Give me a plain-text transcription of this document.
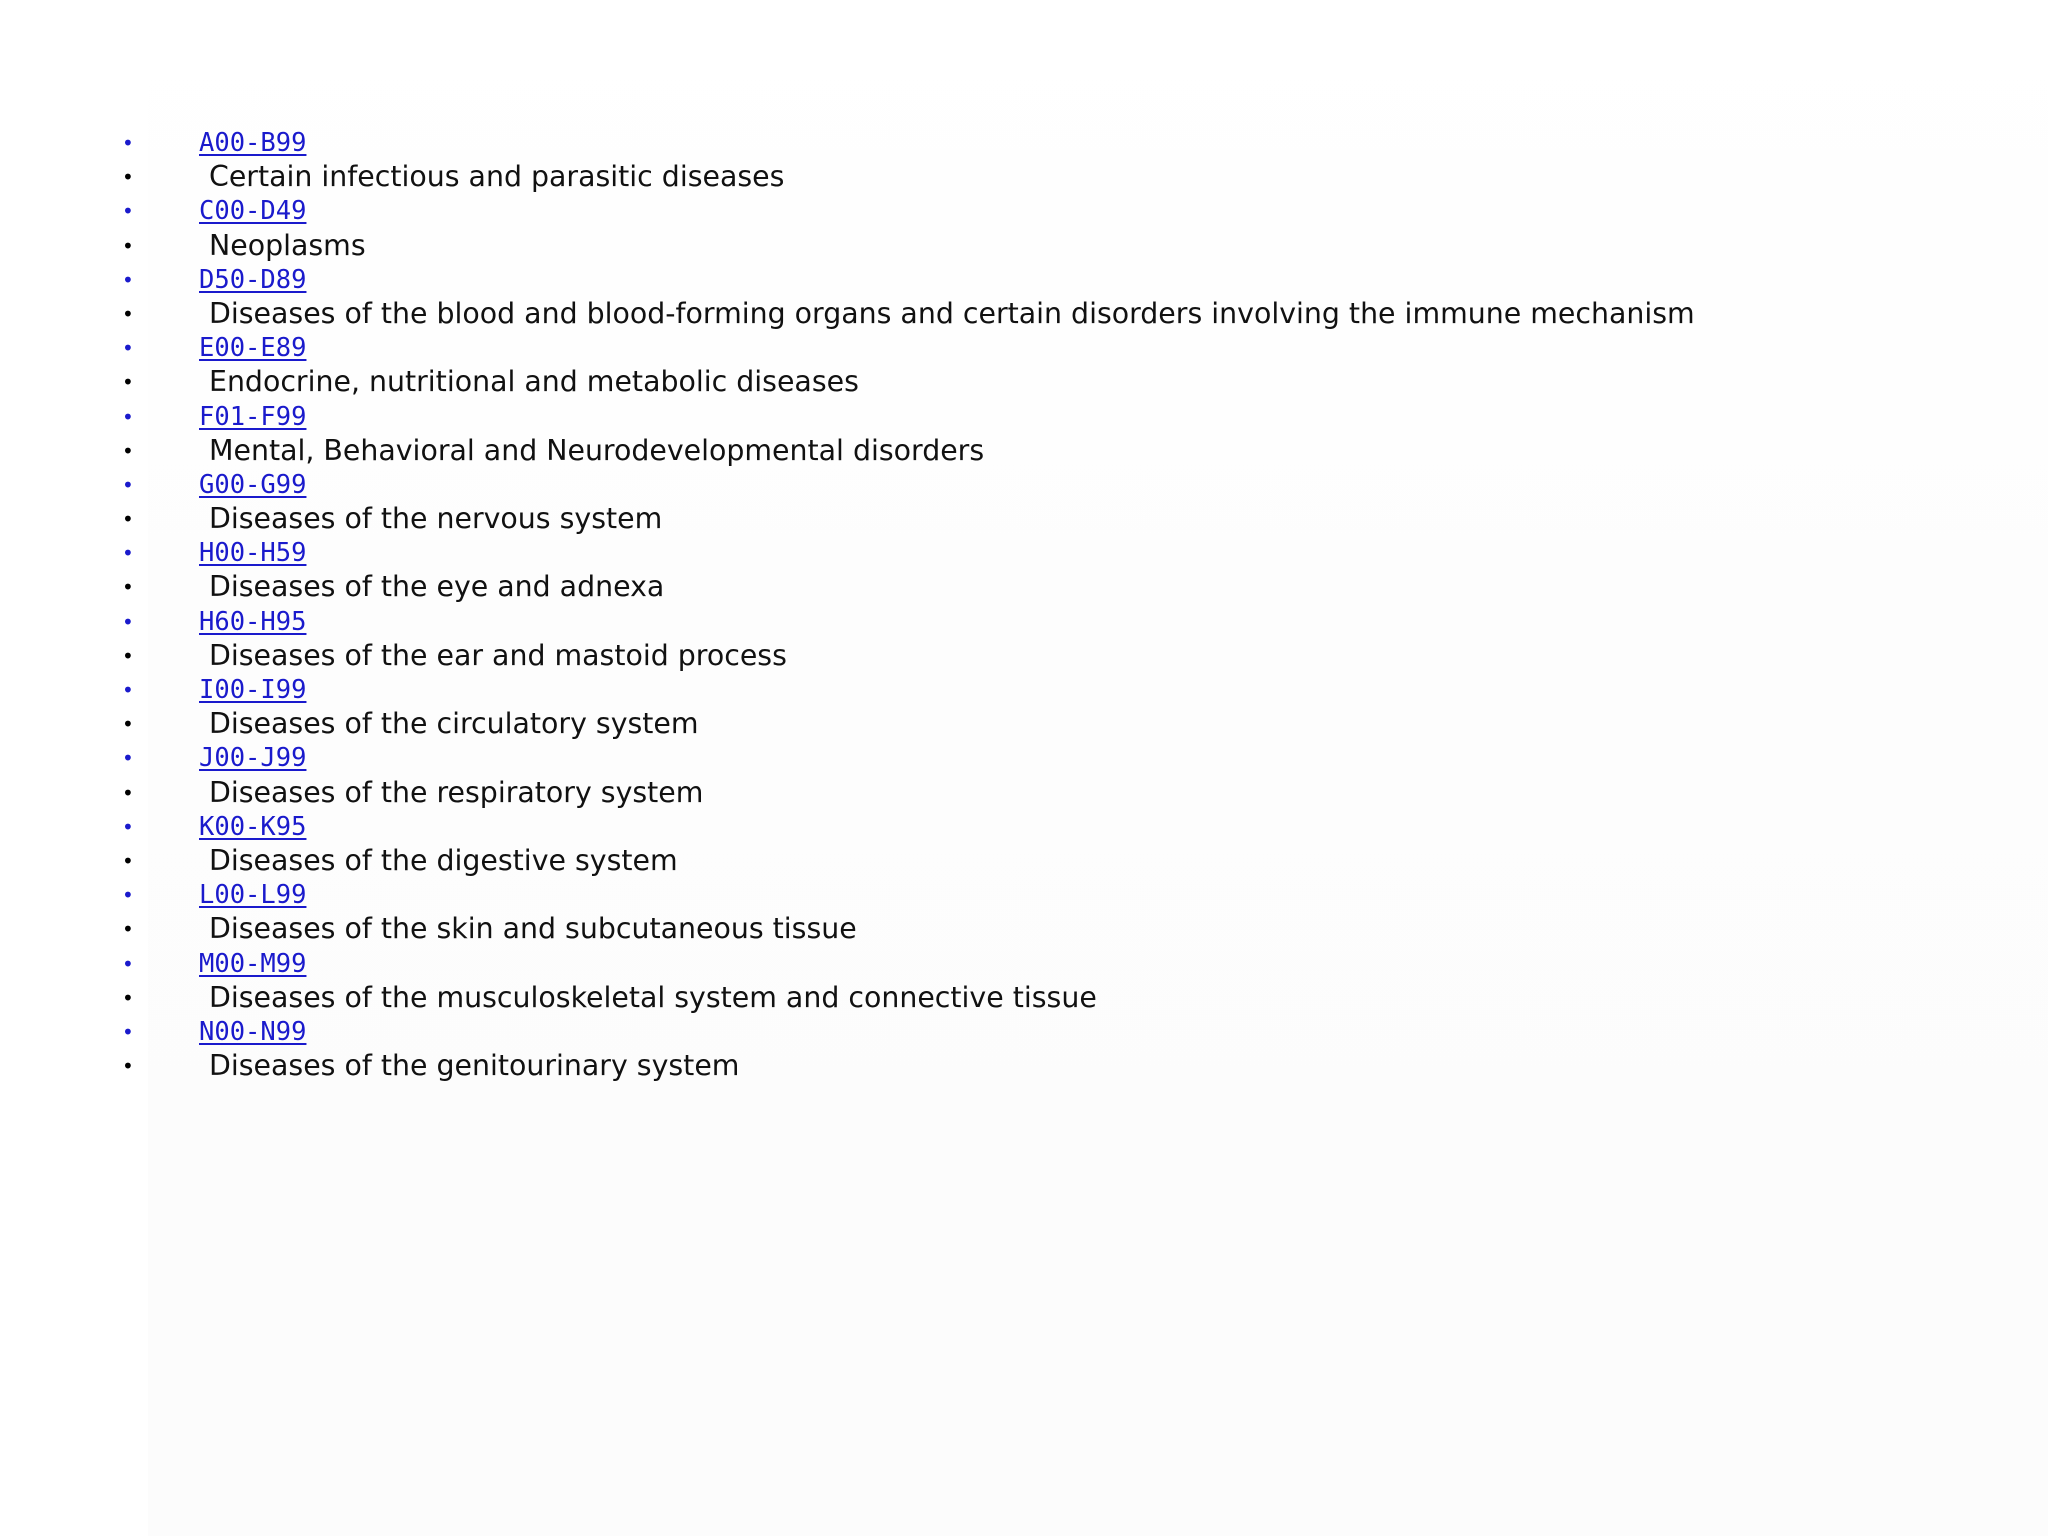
•	A00-B99
•	Certain infectious and parasitic diseases
•	C00-D49
•	Neoplasms
•	D50-D89
•	Diseases of the blood and blood-forming organs and certain disorders involving the immune mechanism
•	E00-E89
•	Endocrine, nutritional and metabolic diseases
•	F01-F99
•	Mental, Behavioral and Neurodevelopmental disorders
•	G00-G99
•	Diseases of the nervous system
•	H00-H59
•	Diseases of the eye and adnexa
•	H60-H95
•	Diseases of the ear and mastoid process
•	I00-I99
•	Diseases of the circulatory system
•	J00-J99
•	Diseases of the respiratory system
•	K00-K95
•	Diseases of the digestive system
•	L00-L99
•	Diseases of the skin and subcutaneous tissue
•	M00-M99
•	Diseases of the musculoskeletal system and connective tissue
•	N00-N99
•	Diseases of the genitourinary system
